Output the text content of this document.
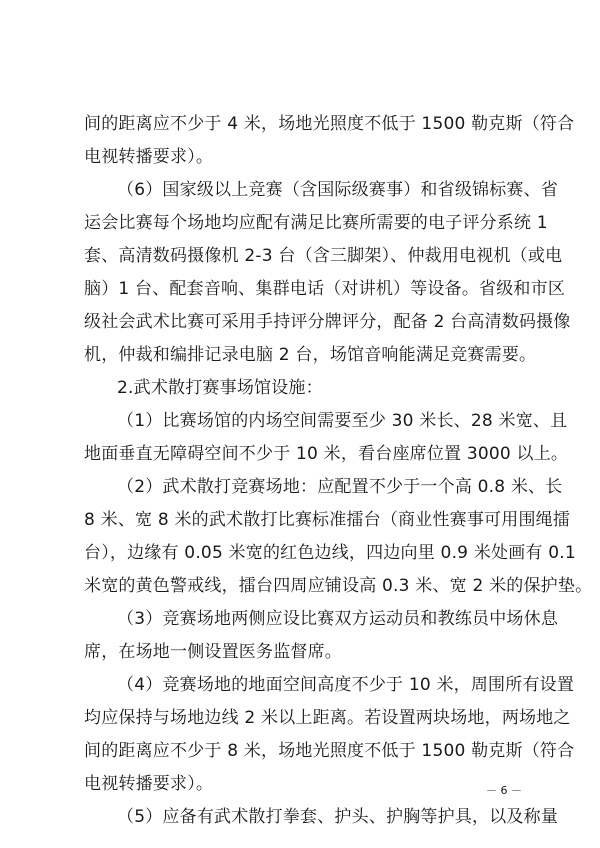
间的距离应不少于 4 米，场地光照度不低于 1500 勒克斯（符合
电视转播要求）。
（6）国家级以上竞赛（含国际级赛事）和省级锦标赛、省
运会比赛每个场地均应配有满足比赛所需要的电子评分系统 1
套、高清数码摄像机 2-3 台（含三脚架）、仲裁用电视机（或电
脑）1 台、配套音响、集群电话（对讲机）等设备。省级和市区
级社会武术比赛可采用手持评分牌评分，配备 2 台高清数码摄像
机，仲裁和编排记录电脑 2 台，场馆音响能满足竞赛需要。
2.武术散打赛事场馆设施：
（1）比赛场馆的内场空间需要至少 30 米长、28 米宽、且
地面垂直无障碍空间不少于 10 米，看台座席位置 3000 以上。
（2）武术散打竞赛场地：应配置不少于一个高 0.8 米、长
8 米、宽 8 米的武术散打比赛标准擂台（商业性赛事可用围绳擂
台），边缘有 0.05 米宽的红色边线，四边向里 0.9 米处画有 0.1
米宽的黄色警戒线，擂台四周应铺设高 0.3 米、宽 2 米的保护垫。
（3）竞赛场地两侧应设比赛双方运动员和教练员中场休息
席，在场地一侧设置医务监督席。
（4）竞赛场地的地面空间高度不少于 10 米，周围所有设置
均应保持与场地边线 2 米以上距离。若设置两块场地，两场地之
间的距离应不少于 8 米，场地光照度不低于 1500 勒克斯（符合
电视转播要求）。
（5）应备有武术散打拳套、护头、护胸等护具，以及称量
－ 6 －
